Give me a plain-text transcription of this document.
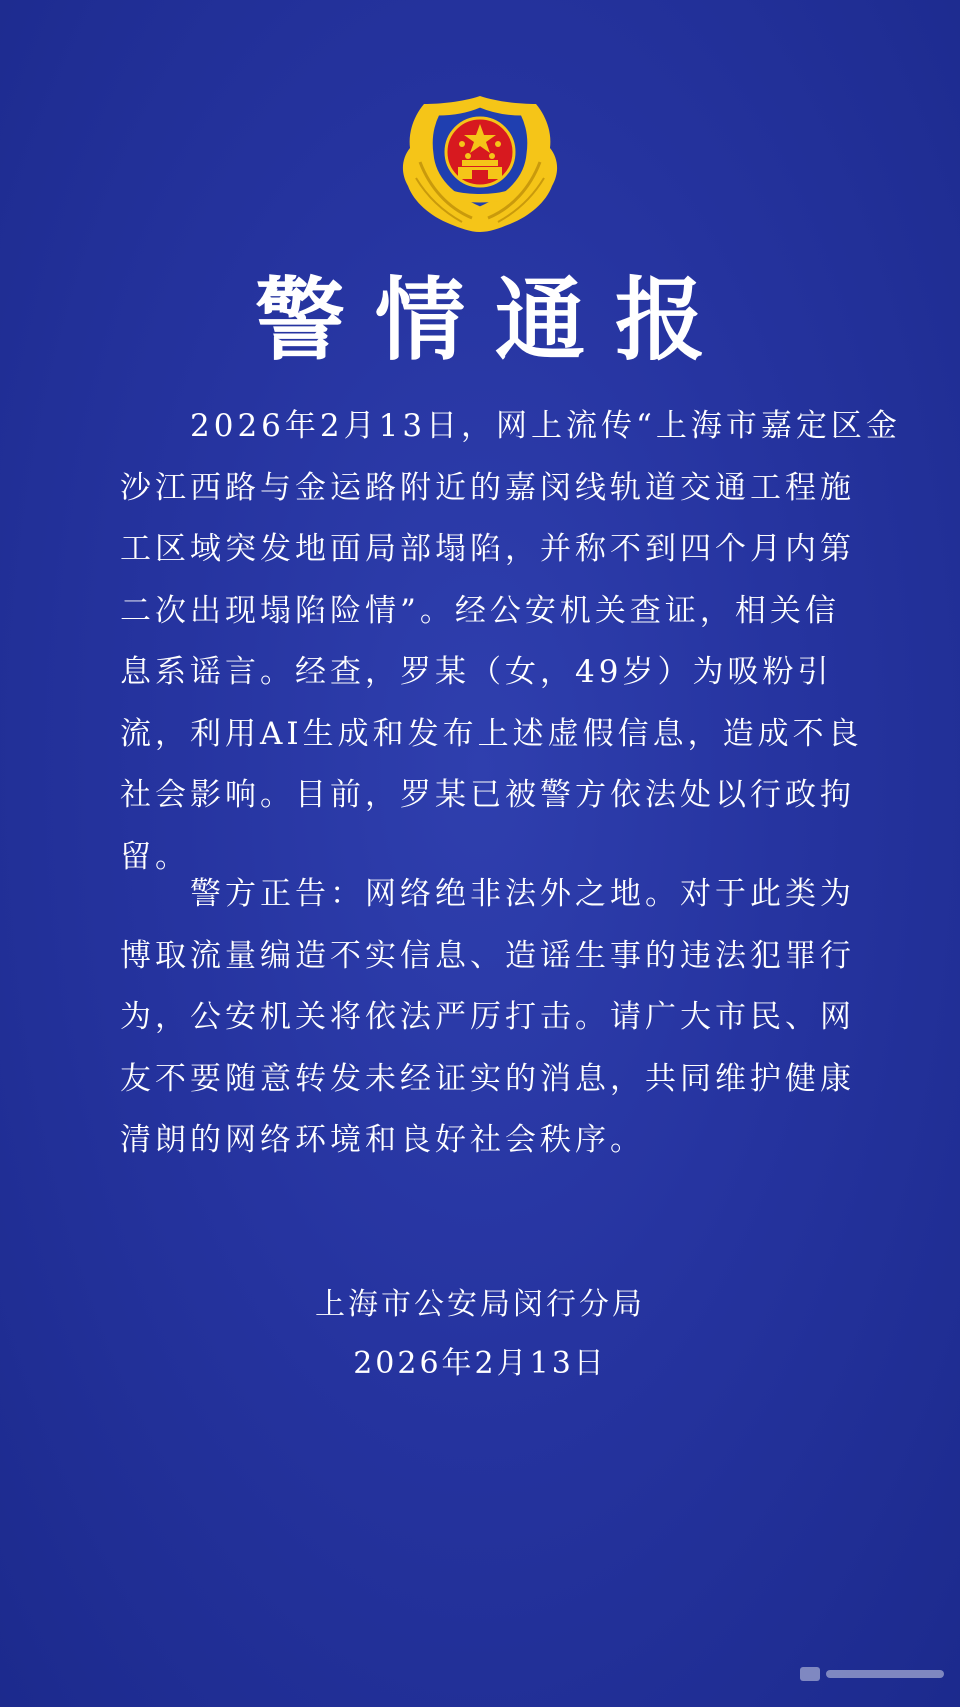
警情通报
　　2026年2月13日，网上流传“上海市嘉定区金
沙江西路与金运路附近的嘉闵线轨道交通工程施
工区域突发地面局部塌陷，并称不到四个月内第
二次出现塌陷险情”。经公安机关查证，相关信
息系谣言。经查，罗某（女，49岁）为吸粉引
流，利用AI生成和发布上述虚假信息，造成不良
社会影响。目前，罗某已被警方依法处以行政拘
留。
　　警方正告：网络绝非法外之地。对于此类为
博取流量编造不实信息、造谣生事的违法犯罪行
为，公安机关将依法严厉打击。请广大市民、网
友不要随意转发未经证实的消息，共同维护健康
清朗的网络环境和良好社会秩序。
上海市公安局闵行分局
2026年2月13日
